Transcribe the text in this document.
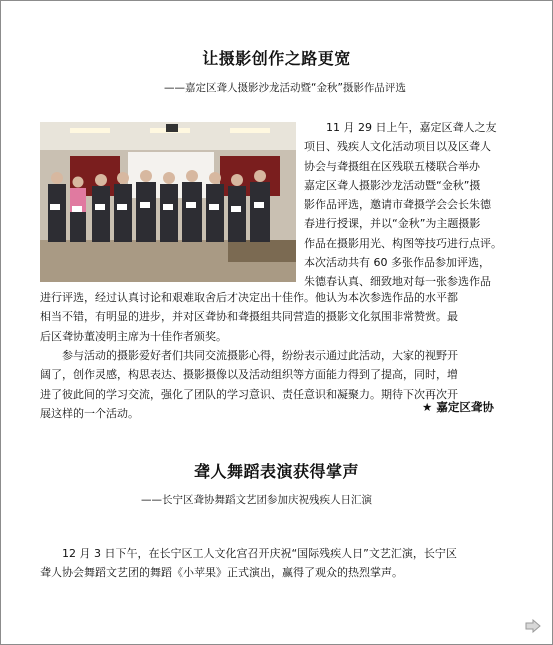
让摄影创作之路更宽
——嘉定区聋人摄影沙龙活动暨“金秋”摄影作品评选
11 月 29 日上午，嘉定区聋人之友
项目、残疾人文化活动项目以及区聋人
协会与聋摄组在区残联五楼联合举办
嘉定区聋人摄影沙龙活动暨“金秋”摄
影作品评选，邀请市聋摄学会会长朱德
春进行授课，并以“金秋”为主题摄影
作品在摄影用光、构图等技巧进行点评。
本次活动共有 60 多张作品参加评选，
朱德春认真、细致地对每一张参选作品
进行评选，经过认真讨论和艰难取舍后才决定出十佳作。他认为本次参选作品的水平都
相当不错，有明显的进步，并对区聋协和聋摄组共同营造的摄影文化氛围非常赞赏。最
后区聋协董凌明主席为十佳作者颁奖。
参与活动的摄影爱好者们共同交流摄影心得，纷纷表示通过此活动，大家的视野开
阔了，创作灵感，构思表达、摄影摄像以及活动组织等方面能力得到了提高，同时，增
进了彼此间的学习交流，强化了团队的学习意识、责任意识和凝聚力。期待下次再次开
展这样的一个活动。	★ 嘉定区聋协
聋人舞蹈表演获得掌声
——长宁区聋协舞蹈文艺团参加庆祝残疾人日汇演
12 月 3 日下午，在长宁区工人文化宫召开庆祝“国际残疾人日”文艺汇演，长宁区
聋人协会舞蹈文艺团的舞蹈《小苹果》正式演出，赢得了观众的热烈掌声。
